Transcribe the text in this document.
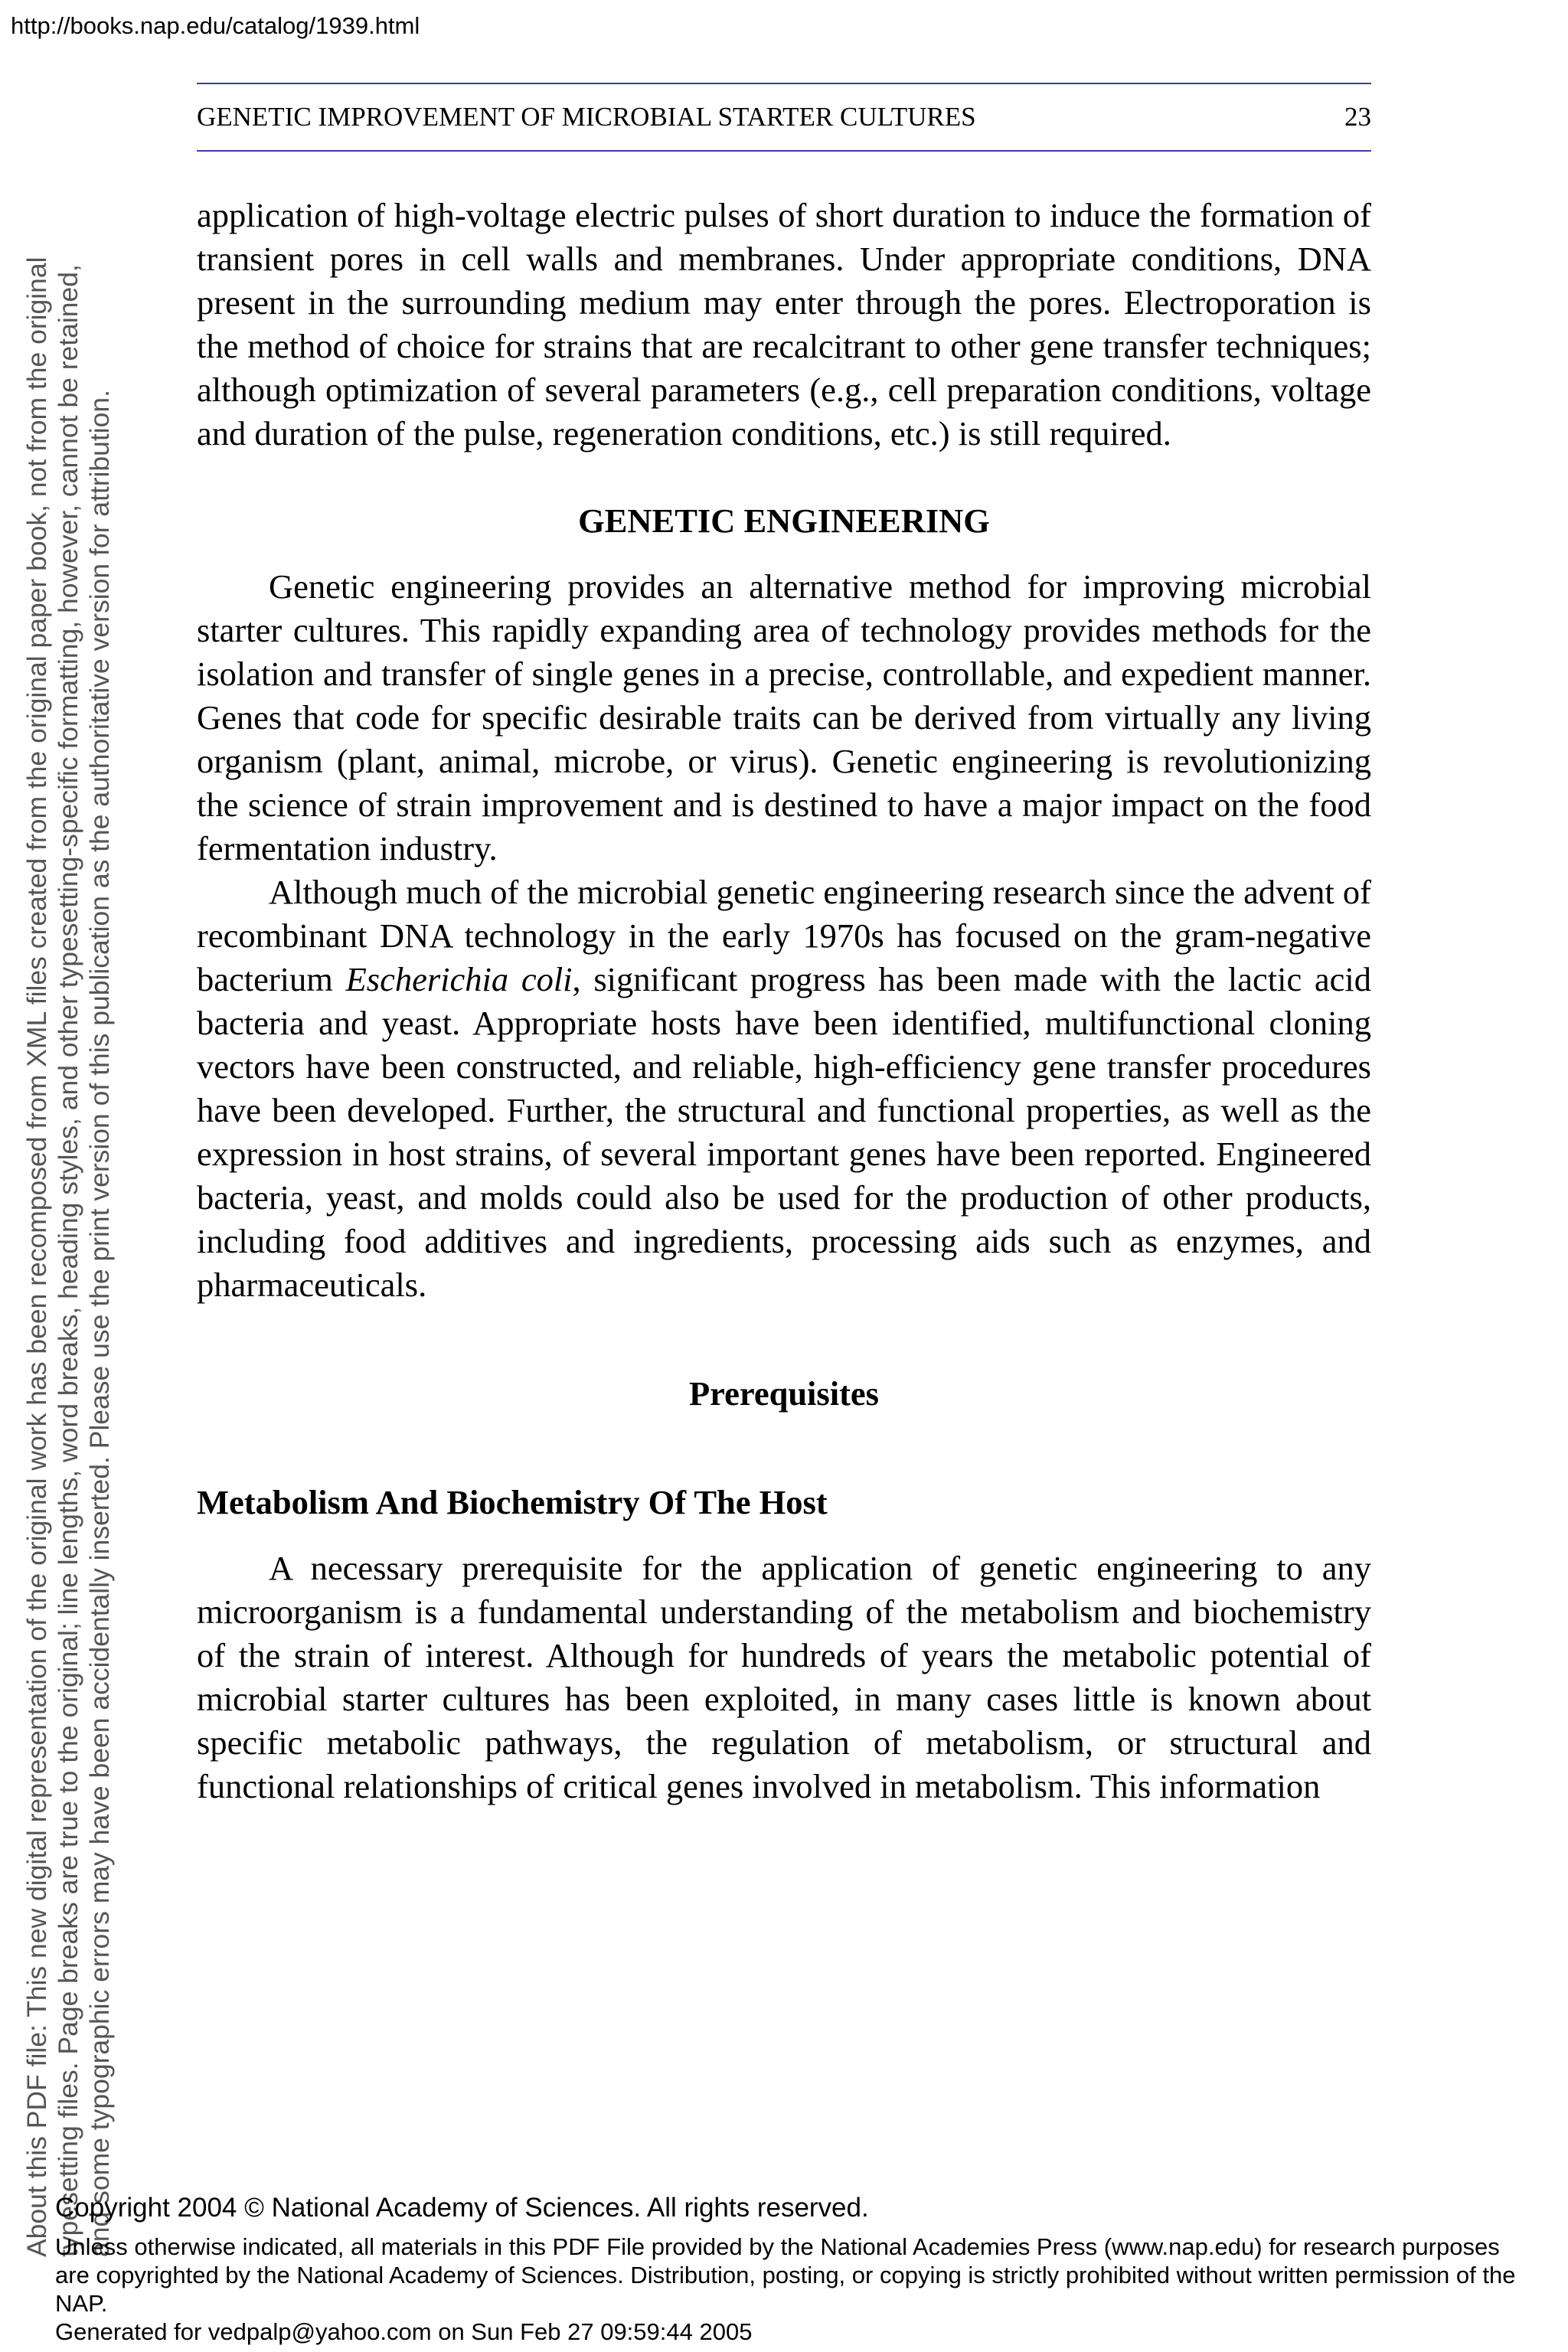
http://books.nap.edu/catalog/1939.html
About this PDF file: This new digital representation of the original work has been recomposed from XML files created from the original paper book, not from the original typesetting files. Page breaks are true to the original; line lengths, word breaks, heading styles, and other typesetting-specific formatting, however, cannot be retained, and some typographic errors may have been accidentally inserted. Please use the print version of this publication as the authoritative version for attribution.
GENETIC IMPROVEMENT OF MICROBIAL STARTER CULTURES	23

application of high-voltage electric pulses of short duration to induce the formation of transient pores in cell walls and membranes. Under appropriate conditions, DNA present in the surrounding medium may enter through the pores. Electroporation is the method of choice for strains that are recalcitrant to other gene transfer techniques; although optimization of several parameters (e.g., cell preparation conditions, voltage and duration of the pulse, regeneration conditions, etc.) is still required.

GENETIC ENGINEERING

Genetic engineering provides an alternative method for improving microbial starter cultures. This rapidly expanding area of technology provides methods for the isolation and transfer of single genes in a precise, controllable, and expedient manner. Genes that code for specific desirable traits can be derived from virtually any living organism (plant, animal, microbe, or virus). Genetic engineering is revolutionizing the science of strain improvement and is destined to have a major impact on the food fermentation industry.

Although much of the microbial genetic engineering research since the advent of recombinant DNA technology in the early 1970s has focused on the gram-negative bacterium Escherichia coli, significant progress has been made with the lactic acid bacteria and yeast. Appropriate hosts have been identified, multifunctional cloning vectors have been constructed, and reliable, high-efficiency gene transfer procedures have been developed. Further, the structural and functional properties, as well as the expression in host strains, of several important genes have been reported. Engineered bacteria, yeast, and molds could also be used for the production of other products, including food additives and ingredients, processing aids such as enzymes, and pharmaceuticals.

Prerequisites
Metabolism And Biochemistry Of The Host

A necessary prerequisite for the application of genetic engineering to any microorganism is a fundamental understanding of the metabolism and biochemistry of the strain of interest. Although for hundreds of years the metabolic potential of microbial starter cultures has been exploited, in many cases little is known about specific metabolic pathways, the regulation of metabolism, or structural and functional relationships of critical genes involved in metabolism. This information

Copyright 2004 © National Academy of Sciences. All rights reserved.
Unless otherwise indicated, all materials in this PDF File provided by the National Academies Press (www.nap.edu) for research purposes are copyrighted by the National Academy of Sciences. Distribution, posting, or copying is strictly prohibited without written permission of the NAP.
Generated for vedpalp@yahoo.com on Sun Feb 27 09:59:44 2005
